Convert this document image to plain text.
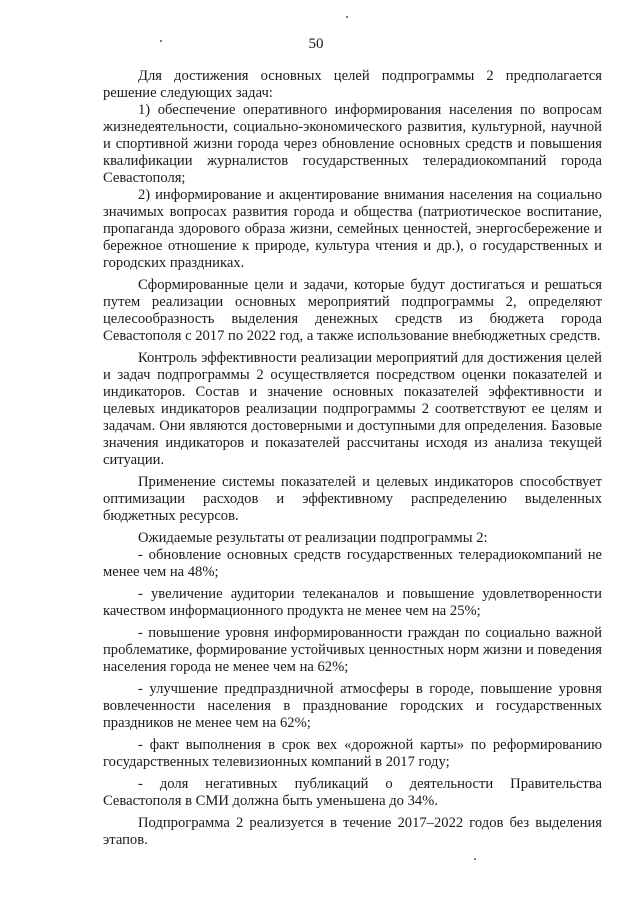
50

Для достижения основных целей подпрограммы 2 предполагается решение следующих задач:

1) обеспечение оперативного информирования населения по вопросам жизнедеятельности, социально-экономического развития, культурной, научной и спортивной жизни города через обновление основных средств и повышения квалификации журналистов государственных телерадиокомпаний города Севастополя;

2) информирование и акцентирование внимания населения на социально значимых вопросах развития города и общества (патриотическое воспитание, пропаганда здорового образа жизни, семейных ценностей, энергосбережение и бережное отношение к природе, культура чтения и др.), о государственных и городских праздниках.

Сформированные цели и задачи, которые будут достигаться и решаться путем реализации основных мероприятий подпрограммы 2, определяют целесообразность выделения денежных средств из бюджета города Севастополя с 2017 по 2022 год, а также использование внебюджетных средств.

Контроль эффективности реализации мероприятий для достижения целей и задач подпрограммы 2 осуществляется посредством оценки показателей и индикаторов. Состав и значение основных показателей эффективности и целевых индикаторов реализации подпрограммы 2 соответствуют ее целям и задачам. Они являются достоверными и доступными для определения. Базовые значения индикаторов и показателей рассчитаны исходя из анализа текущей ситуации.

Применение системы показателей и целевых индикаторов способствует оптимизации расходов и эффективному распределению выделенных бюджетных ресурсов.

Ожидаемые результаты от реализации подпрограммы 2:

- обновление основных средств государственных телерадиокомпаний не менее чем на 48%;

- увеличение аудитории телеканалов и повышение удовлетворенности качеством информационного продукта не менее чем на 25%;

- повышение уровня информированности граждан по социально важной проблематике, формирование устойчивых ценностных норм жизни и поведения населения города не менее чем на 62%;

- улучшение предпраздничной атмосферы в городе, повышение уровня вовлеченности населения в празднование городских и государственных праздников не менее чем на 62%;

- факт выполнения в срок вех «дорожной карты» по реформированию государственных телевизионных компаний в 2017 году;

- доля негативных публикаций о деятельности Правительства Севастополя в СМИ должна быть уменьшена до 34%.

Подпрограмма 2 реализуется в течение 2017–2022 годов без выделения этапов.
